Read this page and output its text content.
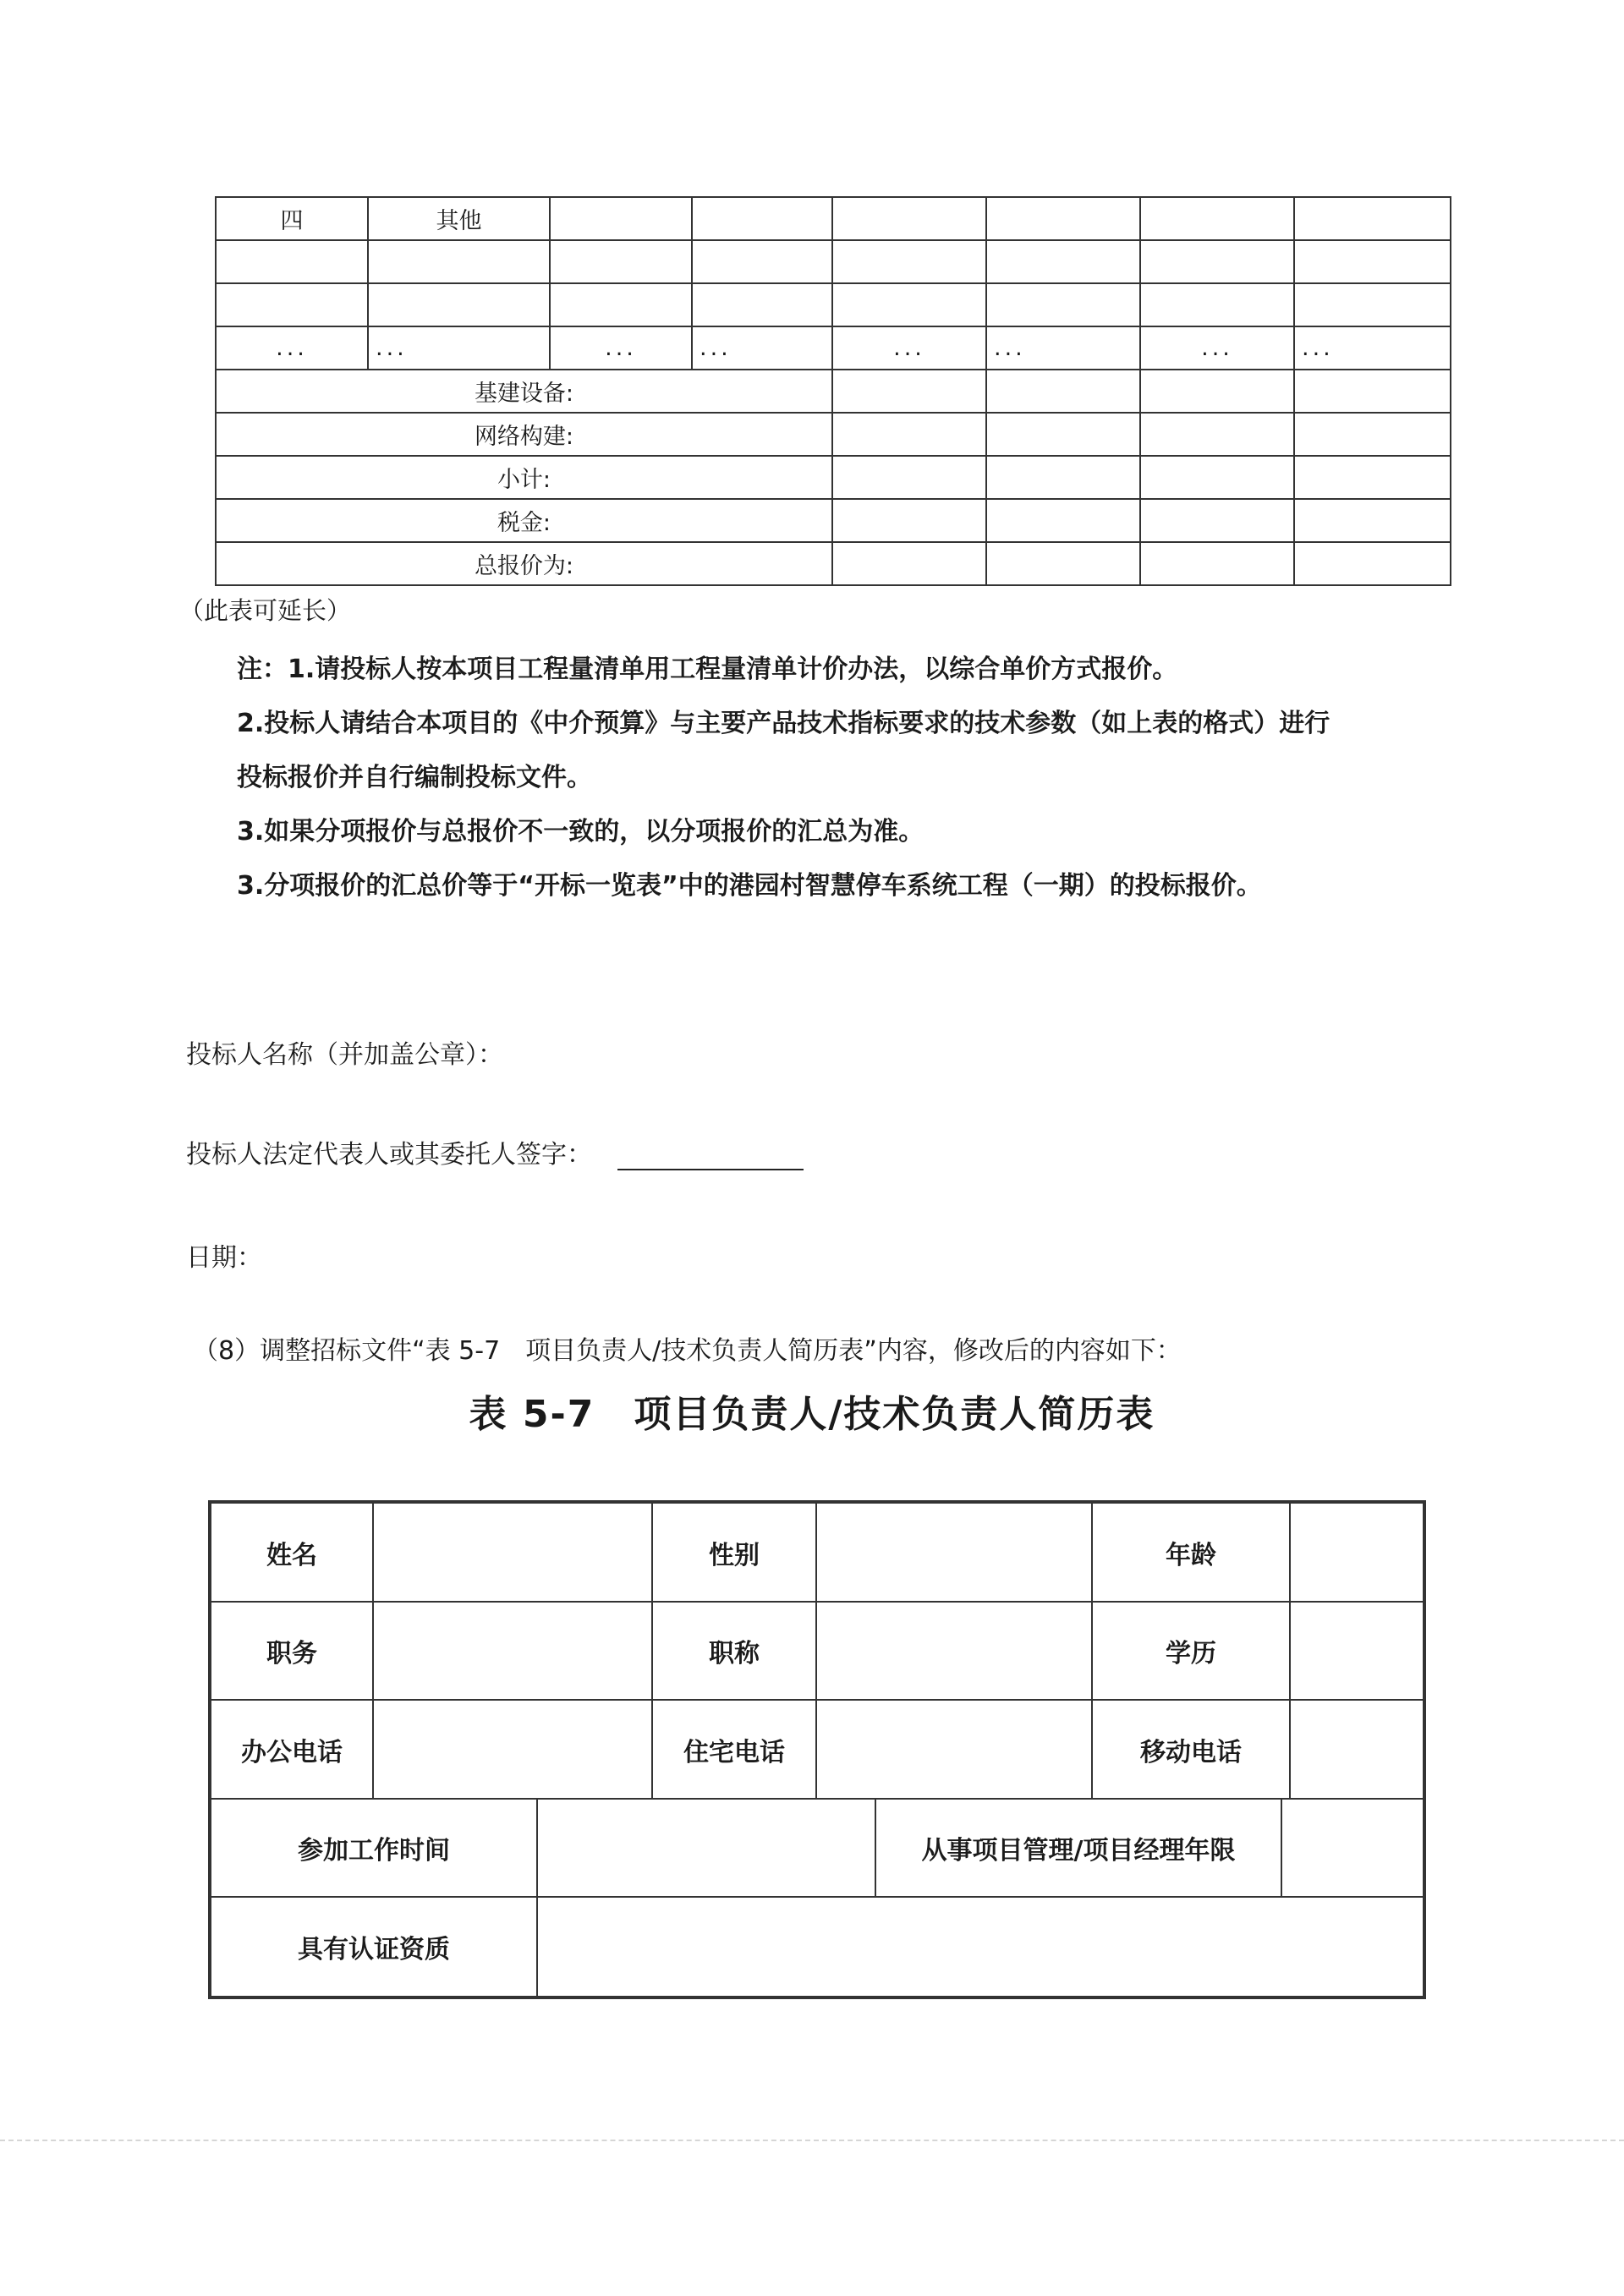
四	其他						

...	...	...	...	...	...	...	...
基建设备:							
网络构建:							
小计:							
税金:							
总报价为:							
（此表可延长）

注：1.请投标人按本项目工程量清单用工程量清单计价办法，以综合单价方式报价。

2.投标人请结合本项目的《中介预算》与主要产品技术指标要求的技术参数（如上表的格式）进行

投标报价并自行编制投标文件。

3.如果分项报价与总报价不一致的，以分项报价的汇总为准。

3.分项报价的汇总价等于“开标一览表”中的港园村智慧停车系统工程（一期）的投标报价。

投标人名称（并加盖公章）：
投标人法定代表人或其委托人签字：
日期：
（8）调整招标文件“表 5-7　项目负责人/技术负责人简历表”内容，修改后的内容如下：
表 5-7　项目负责人/技术负责人简历表
姓名	性别	年龄
职务	职称	学历
办公电话	住宅电话	移动电话
参加工作时间	从事项目管理/项目经理年限
具有认证资质
